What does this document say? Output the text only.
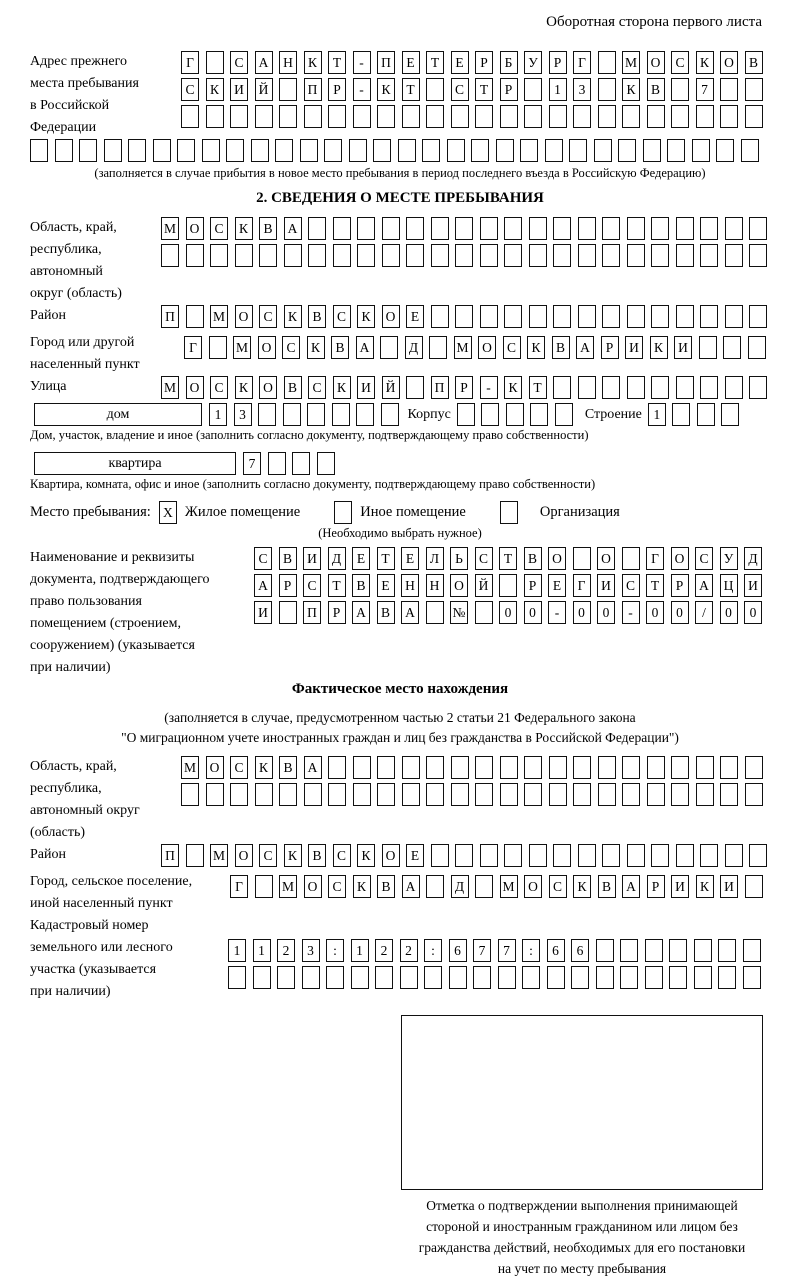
Оборотная сторона первого листа
Адрес прежнего
места пребывания
в Российской
Федерации
Г	С	А	Н	К	Т	-	П	Е	Т	Е	Р	Б	У	Р	Г	М	О	С	К	О	В
С	К	И	Й	П	Р	-	К	Т	С	Т	Р	1	3	К	В	7
(заполняется в случае прибытия в новое место пребывания в период последнего въезда в Российскую Федерацию)
2. СВЕДЕНИЯ О МЕСТЕ ПРЕБЫВАНИЯ
Область, край,
республика,
автономный
округ (область)
М	О	С	К	В	А
Район	П	М	О	С	К	В	С	К	О	Е
Город или другой
населенный пункт
Г	М	О	С	К	В	А	Д	М	О	С	К	В	А	Р	И	К	И
Улица	М	О	С	К	О	В	С	К	И	Й	П	Р	-	К	Т
дом	1	3	Корпус	Строение 1
Дом, участок, владение и иное (заполнить согласно документу, подтверждающему право собственности)
квартира	7
Квартира, комната, офис и иное (заполнить согласно документу, подтверждающему право собственности)
Место пребывания: X Жилое помещение	Иное помещение	Организация
(Необходимо выбрать нужное)
Наименование и реквизиты
документа, подтверждающего
право пользования
помещением (строением,
сооружением) (указывается
при наличии)
С	В	И	Д	Е	Т	Е	Л	Ь	С	Т	В	О	О	Г	О	С	У	Д
А	Р	С	Т	В	Е	Н	Н	О	Й	Р	Е	Г	И	С	Т	Р	А	Ц	И
И	П	Р	А	В	А	№	0	0	-	0	0	-	0	0	/	0	0
Фактическое место нахождения
(заполняется в случае, предусмотренном частью 2 статьи 21 Федерального закона
"О миграционном учете иностранных граждан и лиц без гражданства в Российской Федерации")
Область, край,
республика,
автономный округ
(область)
М	О	С	К	В	А
Район	П	М	О	С	К	В	С	К	О	Е
Город, сельское поселение,
иной населенный пункт
Г	М	О	С	К	В	А	Д	М	О	С	К	В	А	Р	И	К	И
Кадастровый номер
земельного или лесного
участка (указывается
при наличии)
1	1	2	3	:	1	2	2	:	6	7	7	:	6	6
Отметка о подтверждении выполнения принимающей
стороной и иностранным гражданином или лицом без
гражданства действий, необходимых для его постановки
на учет по месту пребывания
